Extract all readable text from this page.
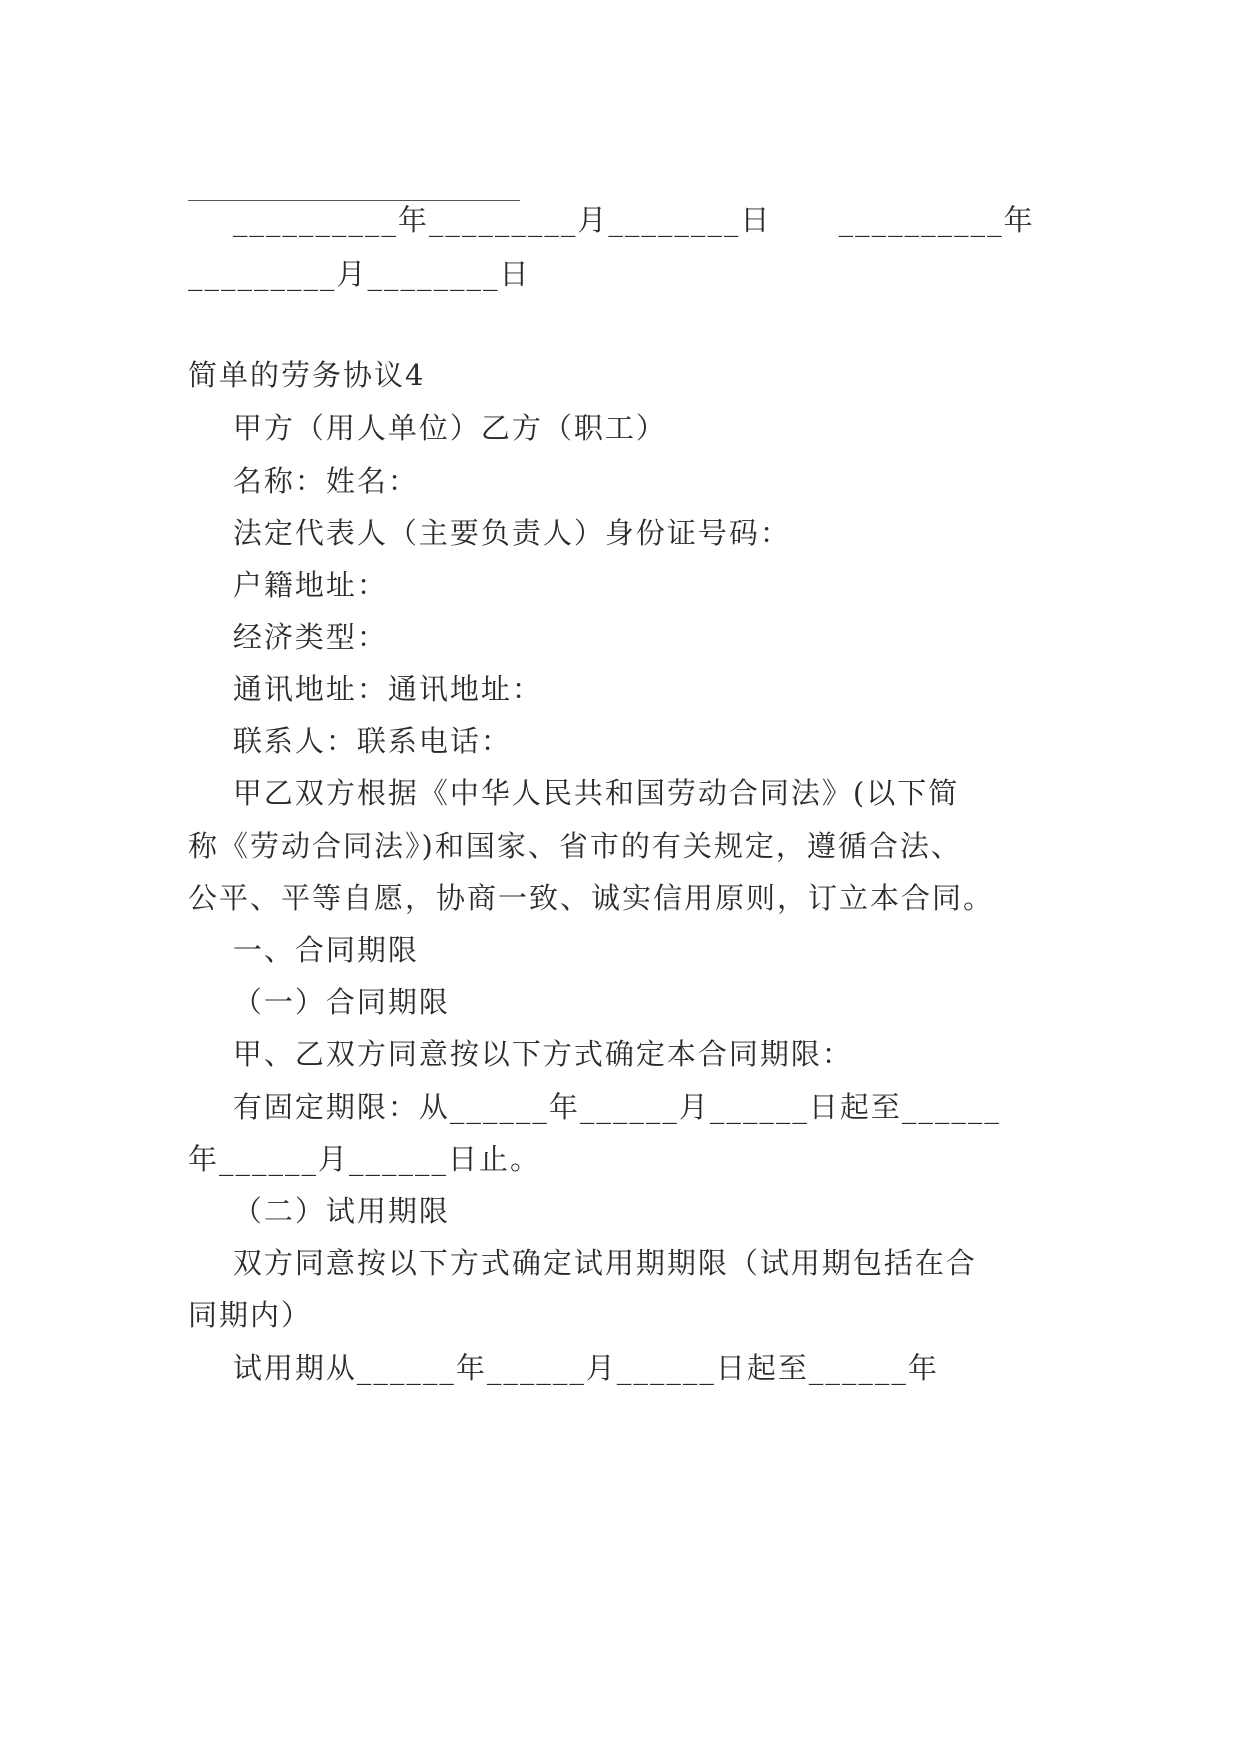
__________年_________月________日      __________年
_________月________日
简单的劳务协议4
甲方（用人单位）乙方（职工）
名称：姓名：
法定代表人（主要负责人）身份证号码：
户籍地址：
经济类型：
通讯地址：通讯地址：
联系人：联系电话：
甲乙双方根据《中华人民共和国劳动合同法》(以下简
称《劳动合同法》)和国家、省市的有关规定，遵循合法、
公平、平等自愿，协商一致、诚实信用原则，订立本合同。
一、合同期限
（一）合同期限
甲、乙双方同意按以下方式确定本合同期限：
有固定期限：从______年______月______日起至______
年______月______日止。
（二）试用期限
双方同意按以下方式确定试用期期限（试用期包括在合
同期内）
试用期从______年______月______日起至______年
